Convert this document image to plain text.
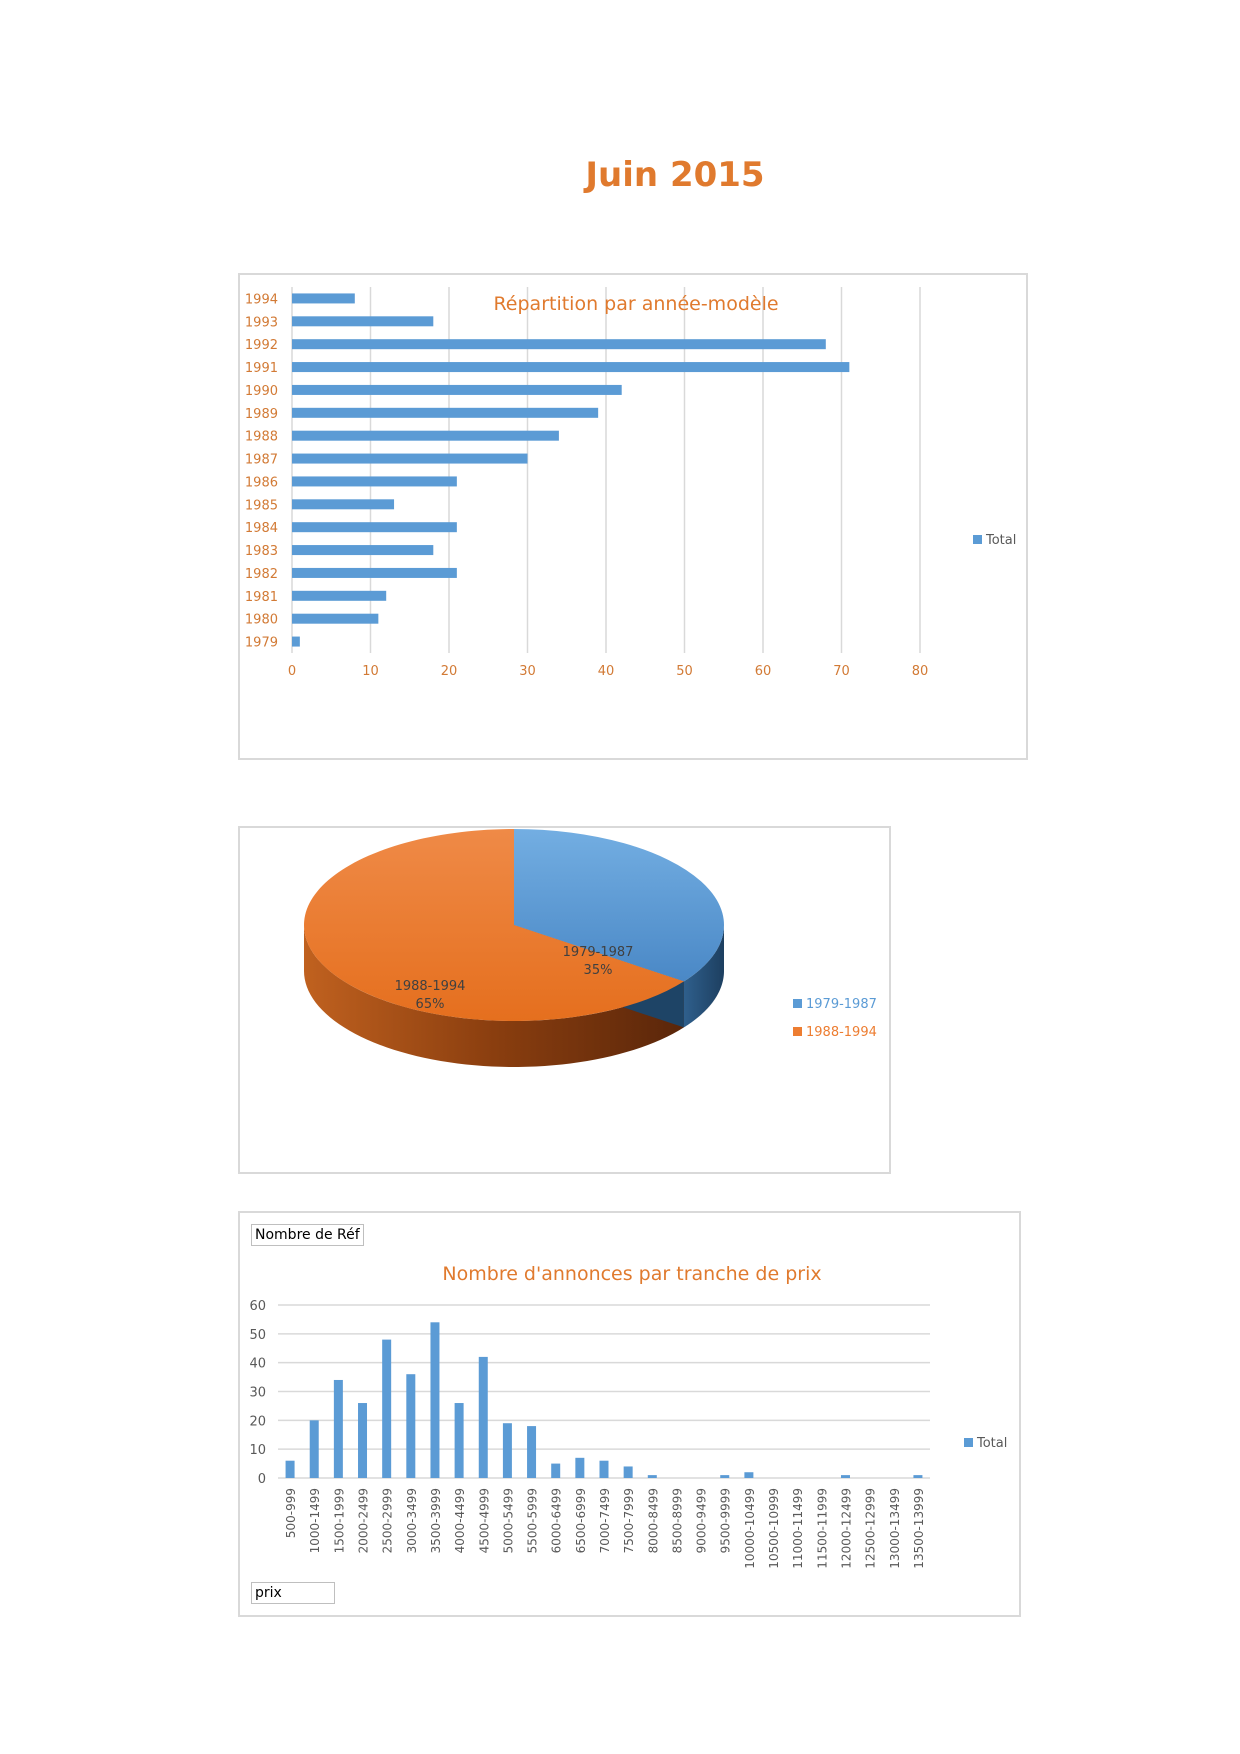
Juin 2015
0	10	20	30	40	50	60	70	80
Répartition par année-modèle
1979
1980
1981
1982
1983
1984
1985
1986
1987
1988
1989
1990
1991
1992
1993
1994
Total
1979-1987
35%
1988-1994
65%	1979-1987
1988-1994
Nombre de Réf
prix
Nombre d'annonces par tranche de prix
0
10
20
30
40
50
60
500-999 1000-1499 1500-1999 2000-2499 2500-2999 3000-3499 3500-3999 4000-4499 4500-4999 5000-5499 5500-5999 6000-6499 6500-6999 7000-7499 7500-7999 8000-8499 8500-8999 9000-9499 9500-9999 10000-10499 10500-10999 11000-11499 11500-11999 12000-12499 12500-12999 13000-13499 13500-13999
Total
